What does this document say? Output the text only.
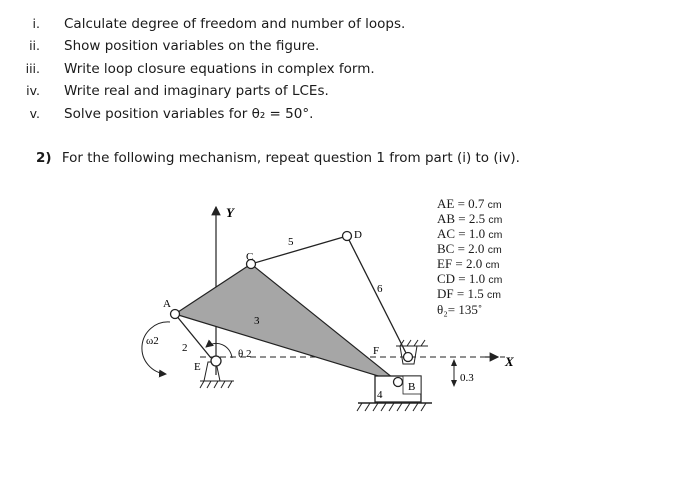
i. Calculate degree of freedom and number of loops.
ii. Show position variables on the figure.
iii. Write loop closure equations in complex form.
iv. Write real and imaginary parts of LCEs.
v. Solve position variables for θ₂ = 50°.
2) For the following mechanism, repeat question 1 from part (i) to (iv).
Y
X
3
2
5
6
E
θ 2
ω2
A
C
D
F
4
B
0.3
AE = 0.7 cm
AB = 2.5 cm
AC = 1.0 cm
BC = 2.0 cm
EF = 2.0 cm
CD = 1.0 cm
DF = 1.5 cm
θ₂= 135˚
